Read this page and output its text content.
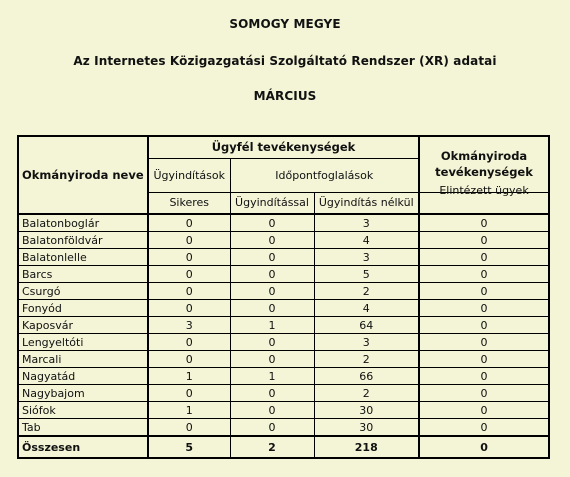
SOMOGY MEGYE
Az Internetes Közigazgatási Szolgáltató Rendszer (XR) adatai
MÁRCIUS
Okmányiroda neve	Ügyfél tevékenységek			Okmányiroda tevékenységek
	Ügyindítások	Időpontfoglalások		
	Sikeres	Ügyindítással	Ügyindítás nélkül	Elintézett ügyek
Balatonboglár	0	0	3	0
Balatonföldvár	0	0	4	0
Balatonlelle	0	0	3	0
Barcs	0	0	5	0
Csurgó	0	0	2	0
Fonyód	0	0	4	0
Kaposvár	3	1	64	0
Lengyeltóti	0	0	3	0
Marcali	0	0	2	0
Nagyatád	1	1	66	0
Nagybajom	0	0	2	0
Siófok	1	0	30	0
Tab	0	0	30	0
Összesen	5	2	218	0
